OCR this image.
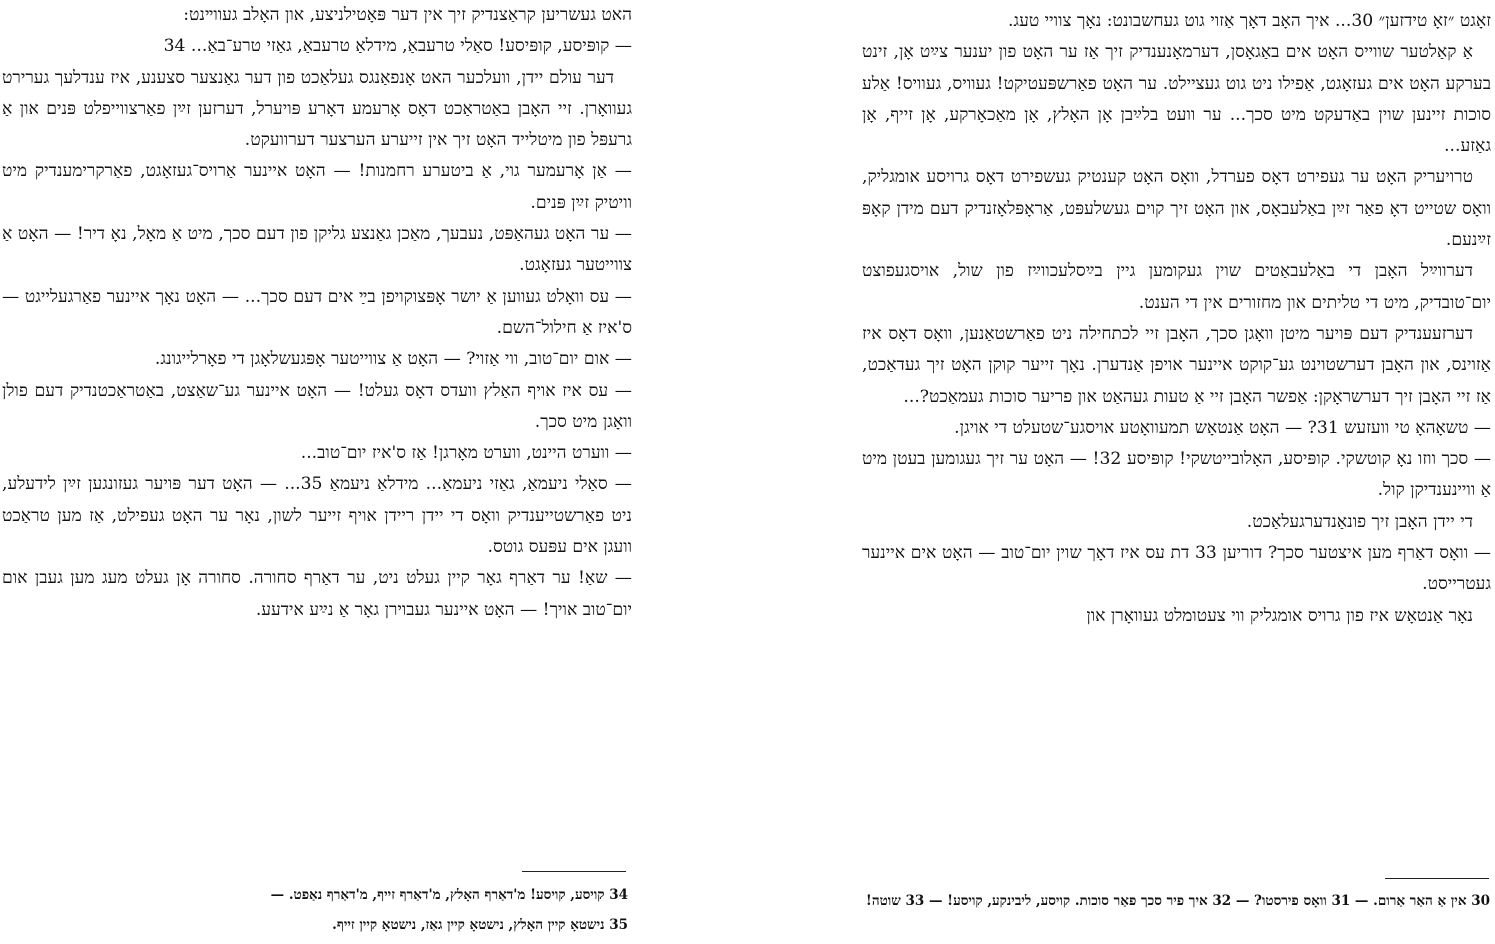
האט געשריען קראַצנדיק זיך אין דער פּאָטילניצע, און האָלב געווײנט:

— קופּיסע, קופּיסע! סאַלי טרעבאַ, מידלאַ טרעבאַ, גאַזי טרע־באַ... 34

דער עולם יידן, וועלכער האט אָנפאַנגס געלאַכט פון דער גאַנצער סצענע, איז ענדלעך גערירט געוואָרן. זיי האָבן באַטראַכט דאָס אָרעמע דאָרע פּויערל, דערזען זײַן פאַרצווייפלט פּנים און אַ גרעפּל פון מיטלייד האָט זיך אין זייערע הערצער דערוועקט.

— אַן אָרעמער גוי, אַ ביטערע רחמנות! — האָט איינער אַרויס־געזאָגט, פאַרקרימענדיק מיט וויטיק זײַן פּנים.

— ער האָט געהאַפּט, נעבעך, מאַכן גאַנצע גליקן פון דעם סכך, מיט אַ מאָל, נאָ דיר! — האָט אַ צווייטער געזאָגט.

— עס וואָלט געווען אַ יושר אָפּצוקויפן בײַ אים דעם סכך... — האָט נאָך איינער פאַרגעלייגט — ס'איז אַ חילול־השם.

— אום יום־טוב, ווי אַזוי? — האָט אַ צווייטער אָפּגעשלאָגן די פאָרלייגונג.

— עס איז אויף האַלץ וועדס דאָס געלט! — האָט איינער גע־שאַצט, באַטראַכטנדיק דעם פולן וואָגן מיט סכך.

— ווערט היינט, ווערט מאָרגן! אַז ס'איז יום־טוב...

— סאַלי ניעמאַ, גאַזי ניעמאַ... מידלאַ ניעמאַ 35... — האָט דער פּויער געזונגען זײַן לידעלע, ניט פאַרשטייענדיק וואָס די יידן ריידן אויף זייער לשון, נאָר ער האָט געפילט, אַז מען טראַכט וועגן אים עפּעס גוטס.

— שאַ! ער דאַרף גאָר קיין געלט ניט, ער דאַרף סחורה. סחורה אָן געלט מעג מען געבן אום יום־טוב אויך! — האָט איינער געבוירן גאָר אַ נײַע אידעע.

34 קויסע, קויסע! מ'דאַרף האָלץ, מ'דאַרף זייף, מ'דאַרף נאַפט. — 35 נישטאָ קיין האָלץ, נישטאָ קיין גאַז, נישטאָ קיין זייף.

זאָגט ״זאָ טידזען״ 30... איך האָב דאָך אַזוי גוט געחשבונט: נאָך צוויי טעג.

אַ קאַלטער שווייס האָט אים באַגאָסן, דערמאָנענדיק זיך אַז ער האָט פון יענער צײַט אָן, זינט בערקע האָט אים געזאָגט, אַפילו ניט גוט געציילט. ער האָט פאַרשפּעטיקט! געוויס, געוויס! אַלע סוכות זיינען שוין באַדעקט מיט סכך... ער וועט בלײַבן אָן האָלץ, אָן מאַכאָרקע, אָן זייף, אָן גאַזע...

טרויעריק האָט ער געפירט דאָס פערדל, וואָס האָט קענטיק געשפירט דאָס גרויסע אומגליק, וואָס שטייט דאָ פאַר זײַן באַלעבאָס, און האָט זיך קוים געשלעפּט, אַראָפּלאָזנדיק דעם מידן קאָפּ זײַנעם.

דערווײַל האָבן די באַלעבאַטים שוין געקומען גיין בײַסלעכווײַז פון שול, אויסגעפוצט יום־טובדיק, מיט די טליתים און מחזורים אין די הענט.

דערזעענדיק דעם פּויער מיטן וואָגן סכך, האָבן זיי לכתחילה ניט פאַרשטאַנען, וואָס דאָס איז אַזוינס, און האָבן דערשטוינט גע־קוקט איינער אויפן אַנדערן. נאָך זייער קוקן האָט זיך געדאַכט, אַז זיי האָבן זיך דערשראָקן: אַפשר האָבן זיי אַ טעות געהאַט און פריער סוכות געמאַכט?...

— טשאָהאָ טי וועזעש 31? — האָט אַנטאָש תמעוואָטע אויסגע־שטעלט די אויגן.

— סכך ווזו נאָ קוטשקי. קופּיסע, האָלובייטשקי! קופּיסע 32! — האָט ער זיך געגומען בעטן מיט אַ וויינענדיקן קול.

די יידן האָבן זיך פונאַנדערגעלאַכט.

— וואָס דאַרף מען איצטער סכך? דוריען 33 דת עס איז דאָך שוין יום־טוב — האָט אים איינער געטרייסט.

נאָר אַנטאָש איז פון גרויס אומגליק ווי צעטומלט געוואָרן און

30 אין אַ האַר אַרום. — 31 וואָס פירסטו? — 32 איך פיר סכך פאַר סוכות. קויסע, ליבינקע, קויסע! — 33 שוטה!
